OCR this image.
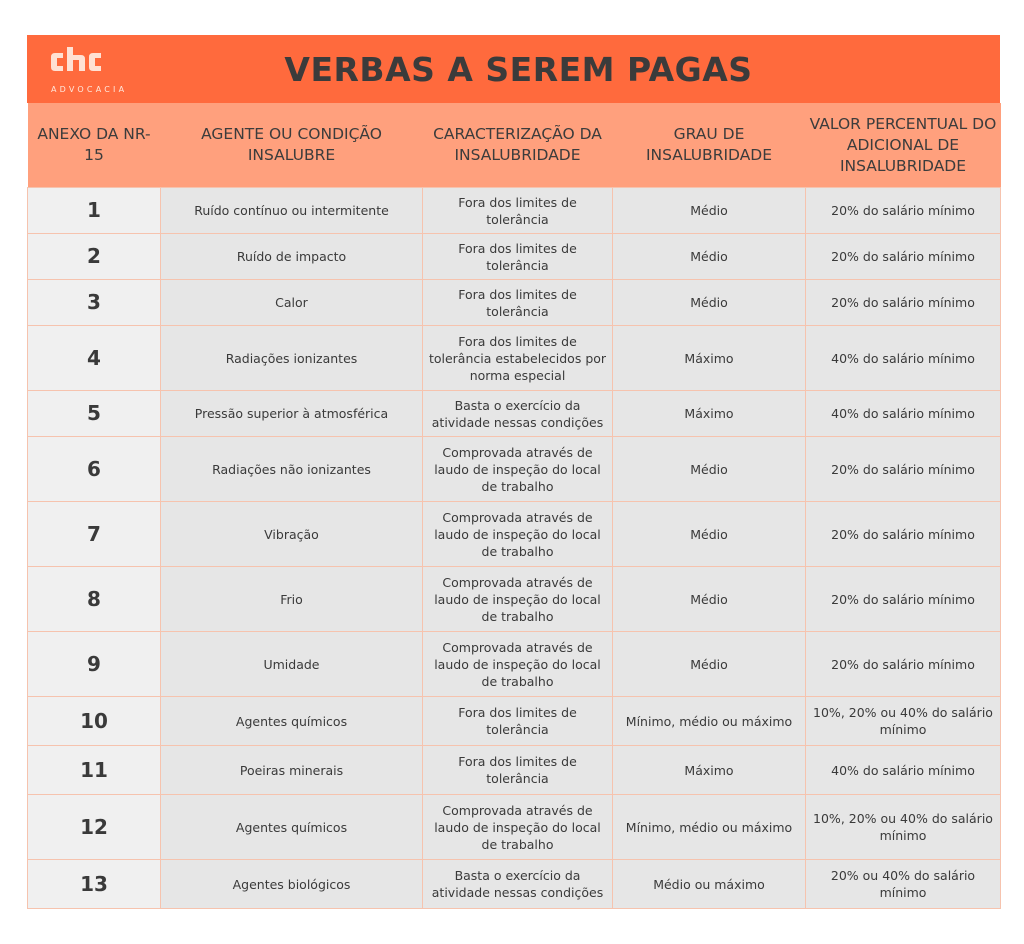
ADVOCACIA
VERBAS A SEREM PAGAS
ANEXO DA NR-15	AGENTE OU CONDIÇÃO INSALUBRE	CARACTERIZAÇÃO DA INSALUBRIDADE	GRAU DE INSALUBRIDADE	VALOR PERCENTUAL DO ADICIONAL DE INSALUBRIDADE
1	Ruído contínuo ou intermitente	Fora dos limites de tolerância	Médio	20% do salário mínimo
2	Ruído de impacto	Fora dos limites de tolerância	Médio	20% do salário mínimo
3	Calor	Fora dos limites de tolerância	Médio	20% do salário mínimo
4	Radiações ionizantes	Fora dos limites de tolerância estabelecidos por norma especial	Máximo	40% do salário mínimo
5	Pressão superior à atmosférica	Basta o exercício da atividade nessas condições	Máximo	40% do salário mínimo
6	Radiações não ionizantes	Comprovada através de laudo de inspeção do local de trabalho	Médio	20% do salário mínimo
7	Vibração	Comprovada através de laudo de inspeção do local de trabalho	Médio	20% do salário mínimo
8	Frio	Comprovada através de laudo de inspeção do local de trabalho	Médio	20% do salário mínimo
9	Umidade	Comprovada através de laudo de inspeção do local de trabalho	Médio	20% do salário mínimo
10	Agentes químicos	Fora dos limites de tolerância	Mínimo, médio ou máximo	10%, 20% ou 40% do salário mínimo
11	Poeiras minerais	Fora dos limites de tolerância	Máximo	40% do salário mínimo
12	Agentes químicos	Comprovada através de laudo de inspeção do local de trabalho	Mínimo, médio ou máximo	10%, 20% ou 40% do salário mínimo
13	Agentes biológicos	Basta o exercício da atividade nessas condições	Médio ou máximo	20% ou 40% do salário mínimo
